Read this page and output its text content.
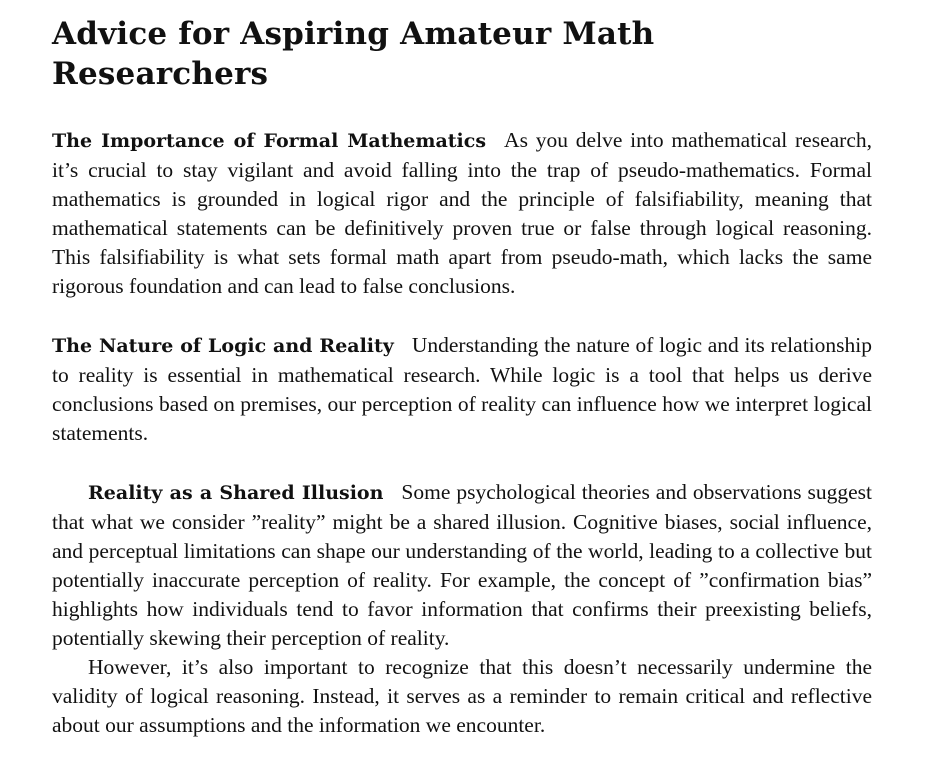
Advice for Aspiring Amateur Math Researchers

The Importance of Formal Mathematics As you delve into mathematical research, it’s crucial to stay vigilant and avoid falling into the trap of pseudo-mathematics. Formal mathematics is grounded in logical rigor and the principle of falsifiability, meaning that mathematical statements can be definitively proven true or false through logical reasoning. This falsifiability is what sets formal math apart from pseudo-math, which lacks the same rigorous foundation and can lead to false conclusions.

The Nature of Logic and Reality Understanding the nature of logic and its relationship to reality is essential in mathematical research. While logic is a tool that helps us derive conclusions based on premises, our perception of reality can influence how we interpret logical statements.

Reality as a Shared Illusion Some psychological theories and observations suggest that what we consider ”reality” might be a shared illusion. Cognitive biases, social influence, and perceptual limitations can shape our understanding of the world, leading to a collective but potentially inaccurate perception of reality. For example, the concept of ”confirmation bias” highlights how individuals tend to favor information that confirms their preexisting beliefs, potentially skewing their perception of reality.

However, it’s also important to recognize that this doesn’t necessarily undermine the validity of logical reasoning. Instead, it serves as a reminder to remain critical and reflective about our assumptions and the information we encounter.
